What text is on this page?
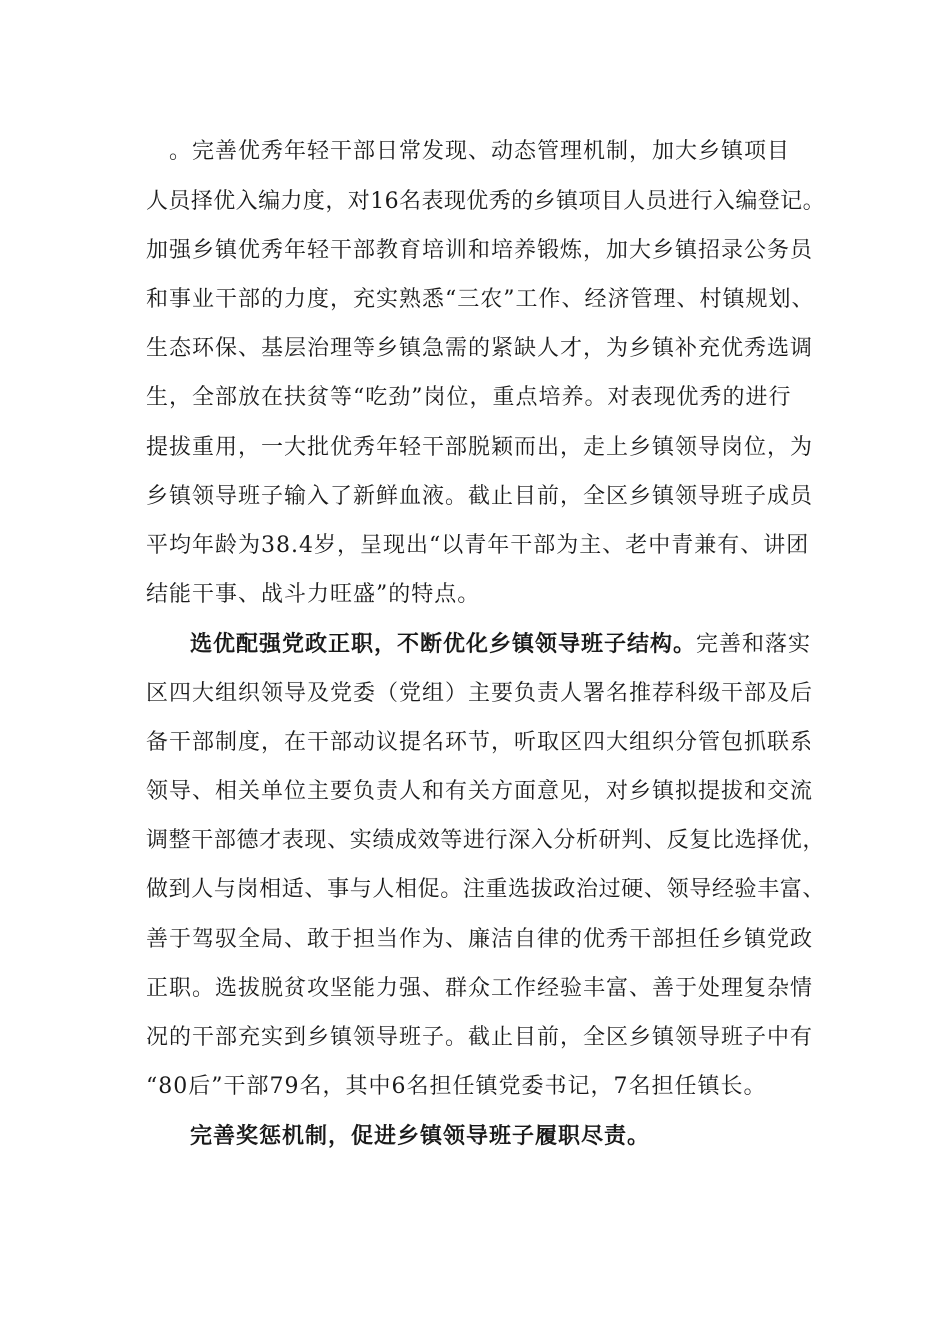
　。完善优秀年轻干部日常发现、动态管理机制，加大乡镇项目
人员择优入编力度，对16名表现优秀的乡镇项目人员进行入编登记。
加强乡镇优秀年轻干部教育培训和培养锻炼，加大乡镇招录公务员
和事业干部的力度，充实熟悉“三农”工作、经济管理、村镇规划、
生态环保、基层治理等乡镇急需的紧缺人才，为乡镇补充优秀选调
生，全部放在扶贫等“吃劲”岗位，重点培养。对表现优秀的进行
提拔重用，一大批优秀年轻干部脱颖而出，走上乡镇领导岗位，为
乡镇领导班子输入了新鲜血液。截止目前，全区乡镇领导班子成员
平均年龄为38.4岁，呈现出“以青年干部为主、老中青兼有、讲团
结能干事、战斗力旺盛”的特点。
选优配强党政正职，不断优化乡镇领导班子结构。完善和落实
区四大组织领导及党委（党组）主要负责人署名推荐科级干部及后
备干部制度，在干部动议提名环节，听取区四大组织分管包抓联系
领导、相关单位主要负责人和有关方面意见，对乡镇拟提拔和交流
调整干部德才表现、实绩成效等进行深入分析研判、反复比选择优，
做到人与岗相适、事与人相促。注重选拔政治过硬、领导经验丰富、
善于驾驭全局、敢于担当作为、廉洁自律的优秀干部担任乡镇党政
正职。选拔脱贫攻坚能力强、群众工作经验丰富、善于处理复杂情
况的干部充实到乡镇领导班子。截止目前，全区乡镇领导班子中有
“80后”干部79名，其中6名担任镇党委书记，7名担任镇长。
完善奖惩机制，促进乡镇领导班子履职尽责。
